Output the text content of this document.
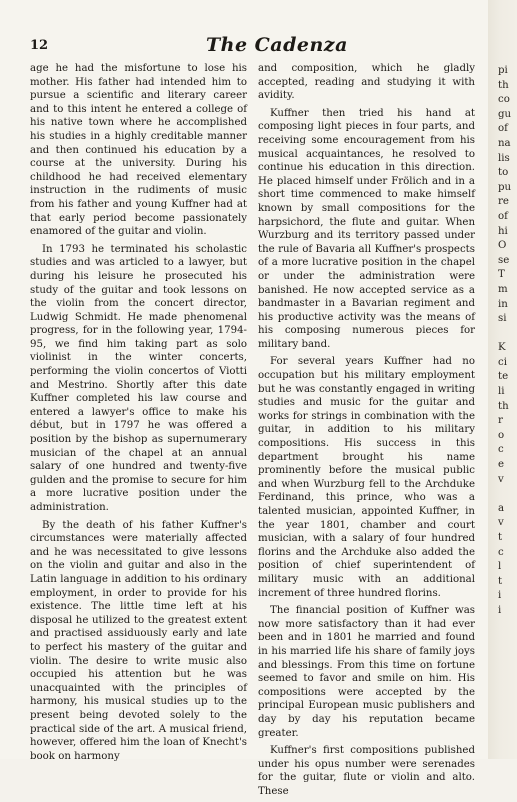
pi
th
co
gu
of
na
lis
to
pu
re
of
hi
O
se
T
m
in
si

K
ci
te
li
th
r
o
c
e
v

a
v
t
c
l
t
i
i
12	The Cadenza

age he had the misfortune to lose his mother. His father had intended him to pursue a scientific and literary career and to this intent he entered a college of his native town where he accomplished his studies in a highly creditable manner and then continued his education by a course at the university. During his childhood he had received elementary instruction in the rudiments of music from his father and young Kuffner had at that early period become passionately enamored of the guitar and violin.

In 1793 he terminated his scholastic studies and was articled to a lawyer, but during his leisure he prosecuted his study of the guitar and took lessons on the violin from the concert director, Ludwig Schmidt. He made phenomenal progress, for in the following year, 1794-95, we find him taking part as solo violinist in the winter concerts, performing the violin concertos of Viotti and Mestrino. Shortly after this date Kuffner completed his law course and entered a lawyer's office to make his début, but in 1797 he was offered a position by the bishop as supernumerary musician of the chapel at an annual salary of one hundred and twenty-five gulden and the promise to secure for him a more lucrative position under the administration.

By the death of his father Kuffner's circumstances were materially affected and he was necessitated to give lessons on the violin and guitar and also in the Latin language in addition to his ordinary employment, in order to provide for his existence. The little time left at his disposal he utilized to the greatest extent and practised assiduously early and late to perfect his mastery of the guitar and violin. The desire to write music also occupied his attention but he was unacquainted with the principles of harmony, his musical studies up to the present being devoted solely to the practical side of the art. A musical friend, however, offered him the loan of Knecht's book on harmony

and composition, which he gladly accepted, reading and studying it with avidity.

Kuffner then tried his hand at composing light pieces in four parts, and receiving some encouragement from his musical acquaintances, he resolved to continue his education in this direction. He placed himself under Frölich and in a short time commenced to make himself known by small compositions for the harpsichord, the flute and guitar. When Wurzburg and its territory passed under the rule of Bavaria all Kuffner's prospects of a more lucrative position in the chapel or under the administration were banished. He now accepted service as a bandmaster in a Bavarian regiment and his productive activity was the means of his composing numerous pieces for military band.

For several years Kuffner had no occupation but his military employment but he was constantly engaged in writing studies and music for the guitar and works for strings in combination with the guitar, in addition to his military compositions. His success in this department brought his name prominently before the musical public and when Wurzburg fell to the Archduke Ferdinand, this prince, who was a talented musician, appointed Kuffner, in the year 1801, chamber and court musician, with a salary of four hundred florins and the Archduke also added the position of chief superintendent of military music with an additional increment of three hundred florins.

The financial position of Kuffner was now more satisfactory than it had ever been and in 1801 he married and found in his married life his share of family joys and blessings. From this time on fortune seemed to favor and smile on him. His compositions were accepted by the principal European music publishers and day by day his reputation became greater.

Kuffner's first compositions published under his opus number were serenades for the guitar, flute or violin and alto. These
